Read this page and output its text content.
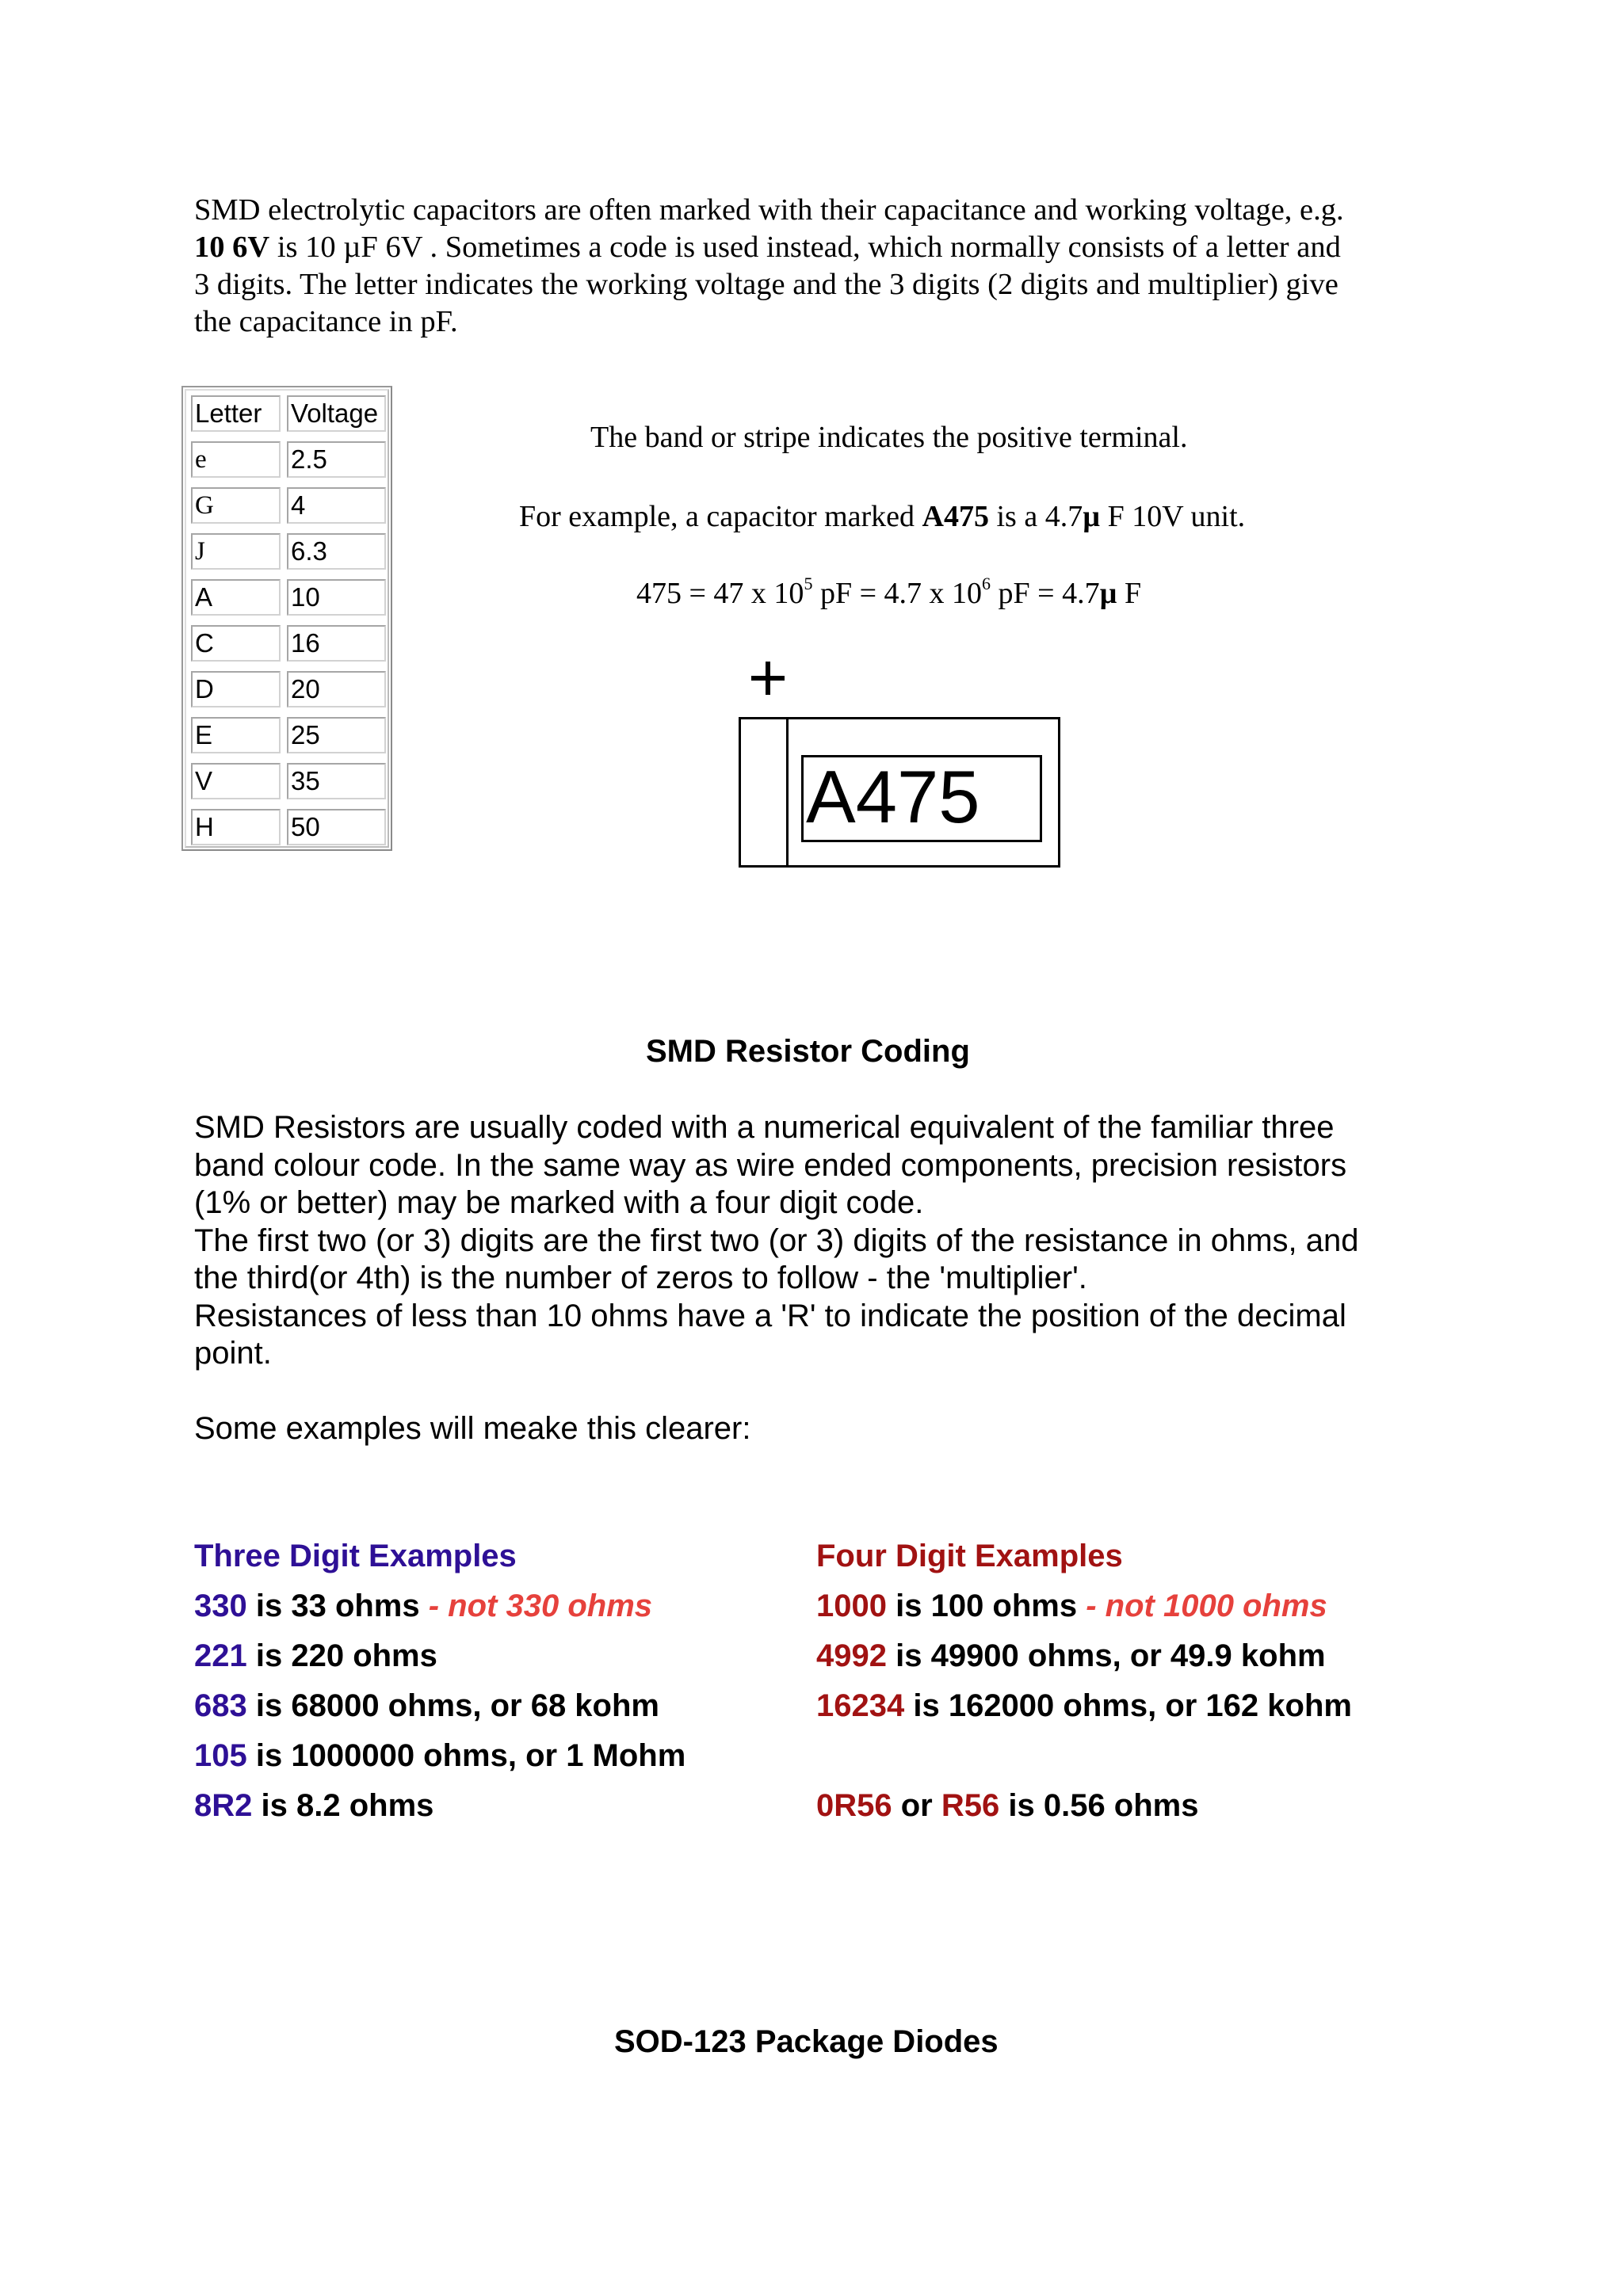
SMD electrolytic capacitors are often marked with their capacitance and working voltage, e.g.
10 6V is 10 µF 6V . Sometimes a code is used instead, which normally consists of a letter and
3 digits. The letter indicates the working voltage and the 3 digits (2 digits and multiplier) give
the capacitance in pF.
Letter	Voltage
e	2.5
G	4
J	6.3
A	10
C	16
D	20
E	25
V	35
H	50
The band or stripe indicates the positive terminal.
For example, a capacitor marked A475 is a 4.7µ F 10V unit.
475 = 47 x $10^5$ pF = 4.7 x $10^6$ pF = 4.7µ F
A475
SMD Resistor Coding

SMD Resistors are usually coded with a numerical equivalent of the familiar three

band colour code. In the same way as wire ended components, precision resistors

(1% or better) may be marked with a four digit code.

The first two (or 3) digits are the first two (or 3) digits of the resistance in ohms, and

the third(or 4th) is the number of zeros to follow - the 'multiplier'.

Resistances of less than 10 ohms have a 'R' to indicate the position of the decimal

point.

Some examples will meake this clearer:

Three Digit Examples
330 is 33 ohms - not 330 ohms
221 is 220 ohms
683 is 68000 ohms, or 68 kohm
105 is 1000000 ohms, or 1 Mohm
8R2 is 8.2 ohms
Four Digit Examples
1000 is 100 ohms - not 1000 ohms
4992 is 49900 ohms, or 49.9 kohm
16234 is 162000 ohms, or 162 kohm
0R56 or R56 is 0.56 ohms
SOD-123 Package Diodes
